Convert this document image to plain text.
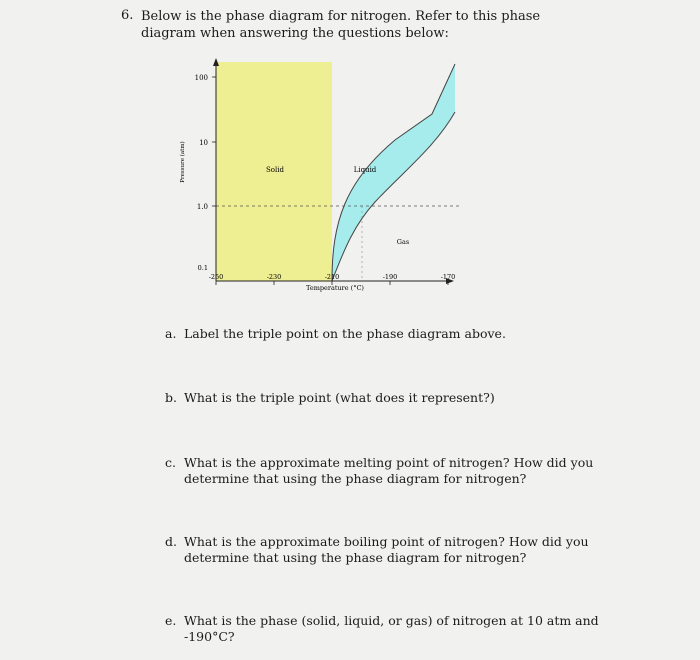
6. Below is the phase diagram for nitrogen. Refer to this phase diagram when answering the questions below:
100
10
1.0
0.1
-250	-230	-210	-190	-170
Temperature (°C)
Pressure (atm)	Solid	Liquid
Gas
a. Label the triple point on the phase diagram above.
b. What is the triple point (what does it represent?)
c. What is the approximate melting point of nitrogen? How did you determine that using the phase diagram for nitrogen?
d. What is the approximate boiling point of nitrogen? How did you determine that using the phase diagram for nitrogen?
e. What is the phase (solid, liquid, or gas) of nitrogen at 10 atm and -190°C?
